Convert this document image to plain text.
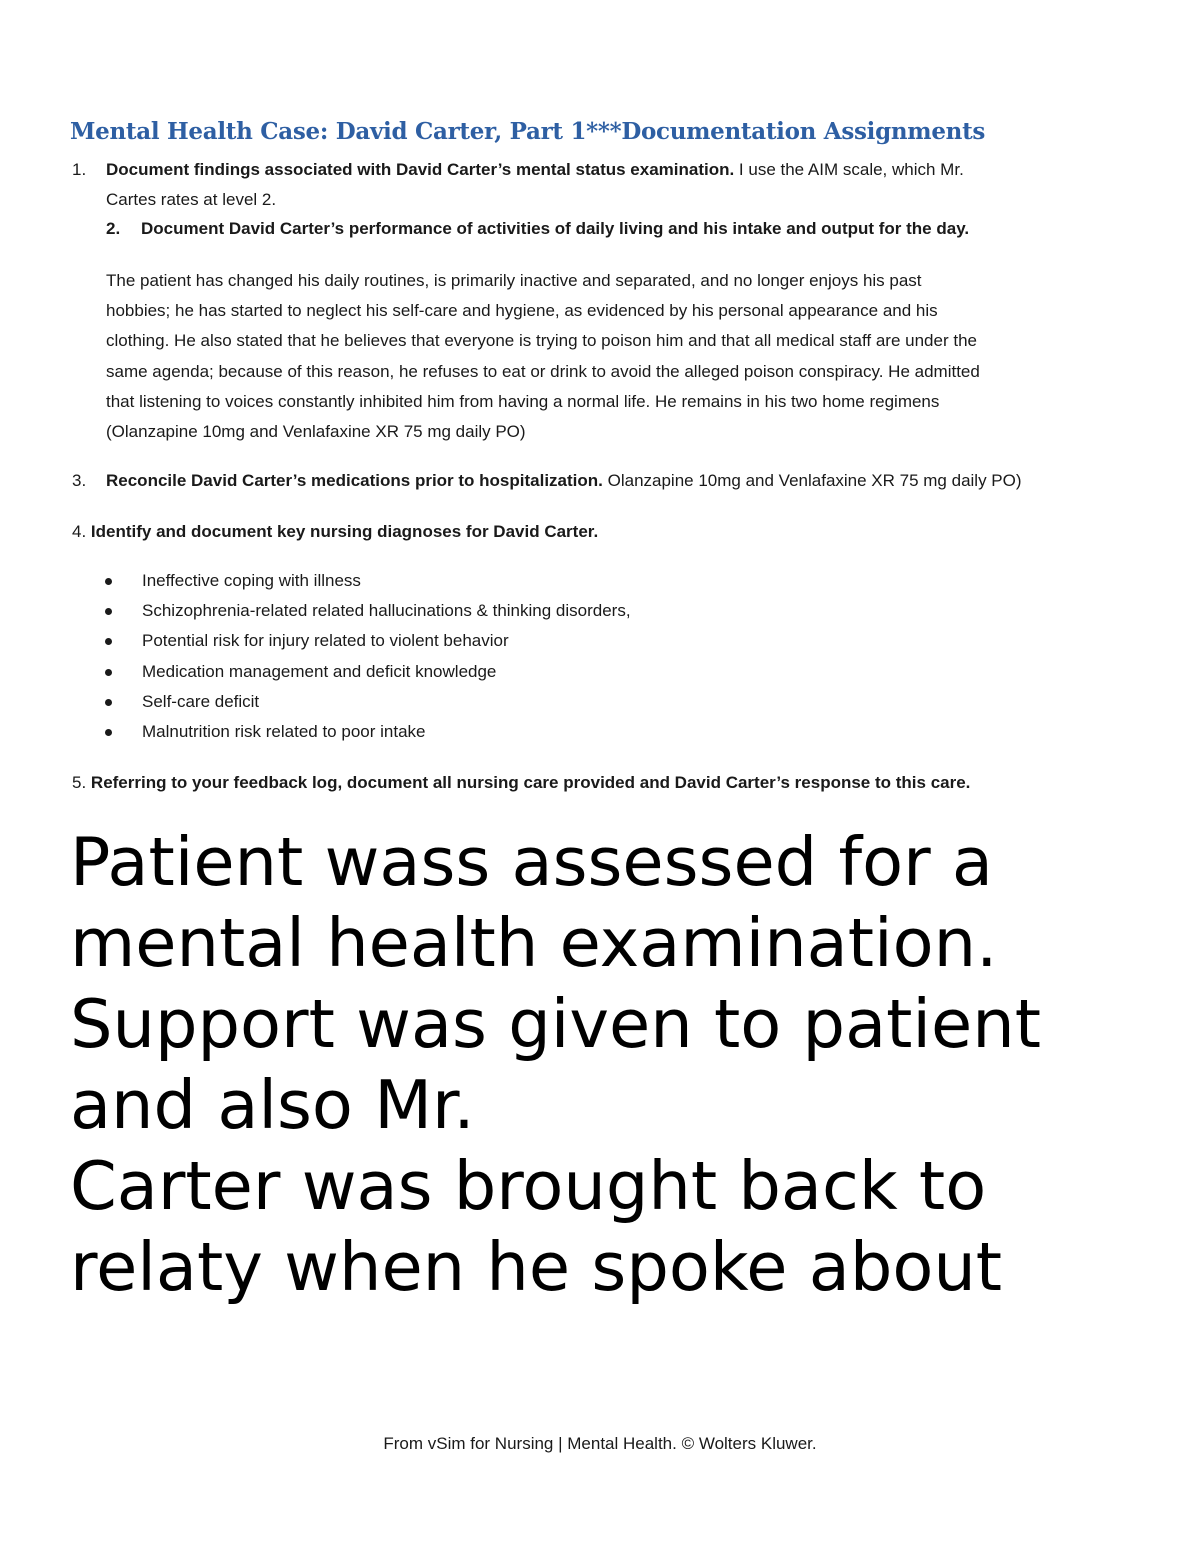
Mental Health Case: David Carter, Part 1***Documentation Assignments
1. Document findings associated with David Carter’s mental status examination. I use the AIM scale, which Mr.
Cartes rates at level 2.
2. Document David Carter’s performance of activities of daily living and his intake and output for the day.
The patient has changed his daily routines, is primarily inactive and separated, and no longer enjoys his past
hobbies; he has started to neglect his self-care and hygiene, as evidenced by his personal appearance and his
clothing. He also stated that he believes that everyone is trying to poison him and that all medical staff are under the
same agenda; because of this reason, he refuses to eat or drink to avoid the alleged poison conspiracy. He admitted
that listening to voices constantly inhibited him from having a normal life. He remains in his two home regimens
(Olanzapine 10mg and Venlafaxine XR 75 mg daily PO)
3. Reconcile David Carter’s medications prior to hospitalization. Olanzapine 10mg and Venlafaxine XR 75 mg daily PO)
4. Identify and document key nursing diagnoses for David Carter.
Ineffective coping with illness
Schizophrenia-related related hallucinations & thinking disorders,
Potential risk for injury related to violent behavior
Medication management and deficit knowledge
Self-care deficit
Malnutrition risk related to poor intake
5. Referring to your feedback log, document all nursing care provided and David Carter’s response to this care.
Patient wass assessed for a
mental health examination.
Support was given to patient
and also Mr.
Carter was brought back to
relaty when he spoke about
From vSim for Nursing | Mental Health. © Wolters Kluwer.
